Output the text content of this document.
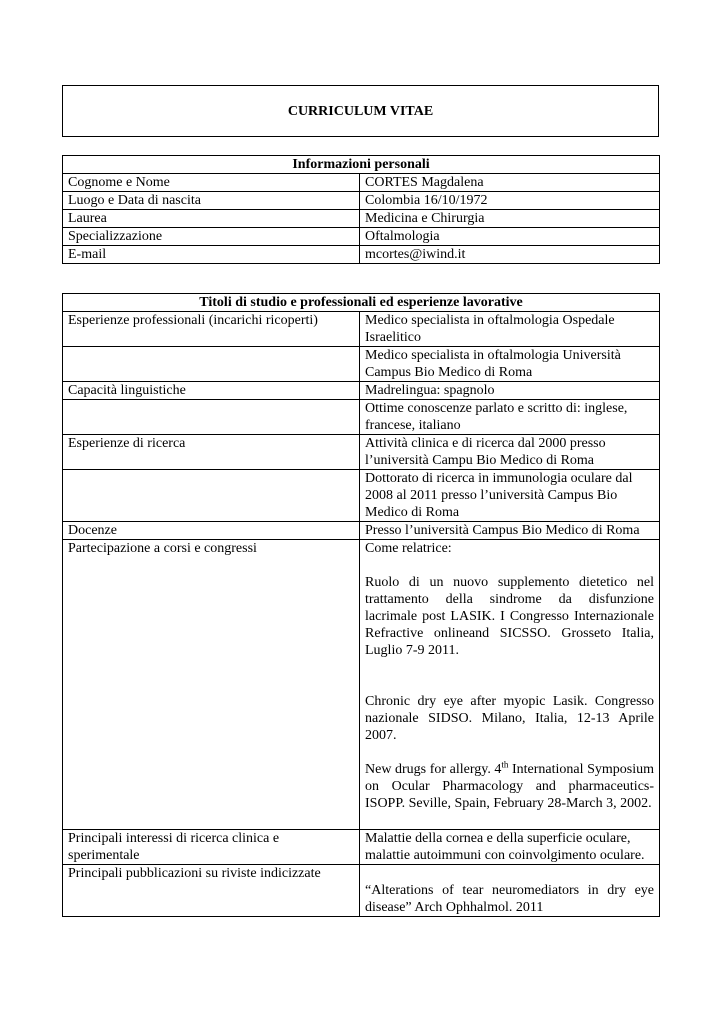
CURRICULUM VITAE
Informazioni personali	
Cognome e Nome	CORTES Magdalena
Luogo e Data di nascita	Colombia 16/10/1972
Laurea	Medicina e Chirurgia
Specializzazione	Oftalmologia
E-mail	mcortes@iwind.it
Titoli di studio e professionali ed esperienze lavorative	
Esperienze professionali (incarichi ricoperti)	Medico specialista in oftalmologia Ospedale Israelitico
	Medico specialista in oftalmologia Università Campus Bio Medico di Roma
Capacità linguistiche	Madrelingua: spagnolo
	Ottime conoscenze parlato e scritto di: inglese, francese, italiano
Esperienze di ricerca	Attività clinica e di ricerca dal 2000 presso l’università Campu Bio Medico di Roma
	Dottorato di ricerca in immunologia oculare dal 2008 al 2011 presso l’università Campus Bio Medico di Roma
Docenze	Presso l’università Campus Bio Medico di Roma
Partecipazione a corsi e congressi	Come relatrice:
Ruolo di un nuovo supplemento dietetico nel trattamento della sindrome da disfunzione lacrimale post LASIK. I Congresso Internazionale Refractive onlineand SICSSO. Grosseto Italia, Luglio 7-9 2011.
Chronic dry eye after myopic Lasik. Congresso nazionale SIDSO. Milano, Italia, 12-13 Aprile 2007.
New drugs for allergy. 4th International Symposium on Ocular Pharmacology and pharmaceutics-ISOPP. Seville, Spain, February 28-March 3, 2002.

Principali interessi di ricerca clinica e sperimentale	Malattie della cornea e della superficie oculare, malattie autoimmuni con coinvolgimento oculare.
Principali pubblicazioni su riviste indicizzate	“Alterations of tear neuromediators in dry eye disease” Arch Ophhalmol. 2011
